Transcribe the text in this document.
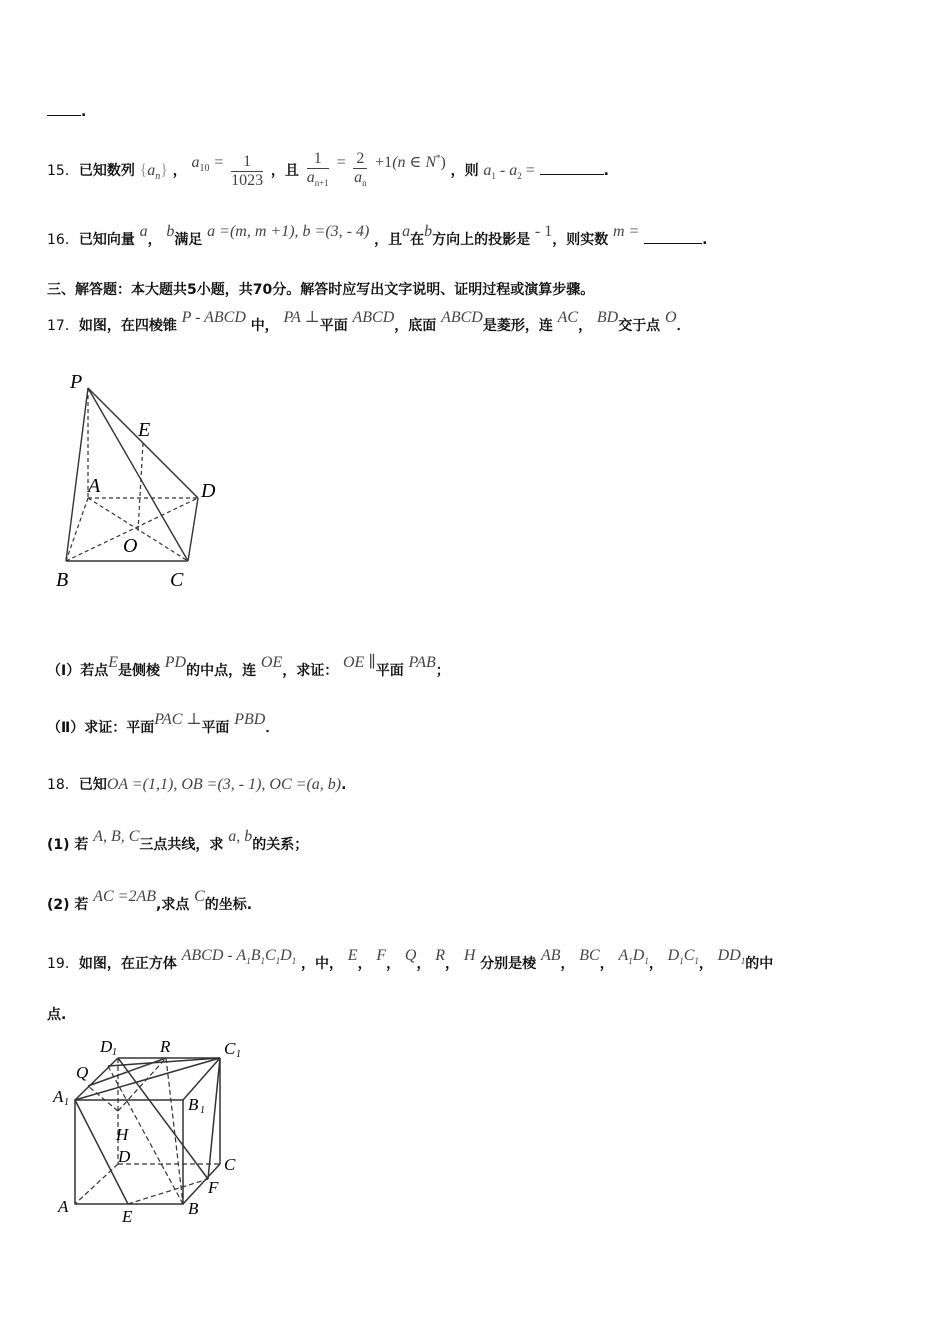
.
15．已知数列 $\{a_n\}$ ， $a_{10} = \frac{1}{1023}$ ，且 $\frac{1}{a_{n+1}} = \frac{2}{a_n} +1(n$ ∈ N*) ，则 $a_1 - a_2$ =	.
16．已知向量 a， b满足 a =(m, m +1), b =(3, - 4) ，且a在b方向上的投影是 - 1，则实数 m =	.
三、解答题：本大题共5小题，共70分。解答时应写出文字说明、证明过程或演算步骤。
17．如图，在四棱锥 P - ABCD 中， PA ⊥平面 ABCD，底面 ABCD是菱形，连 AC， BD交于点 O．
P
E
A	D
O
B	C
（Ⅰ）若点E是侧棱 PD的中点，连 OE，求证： OE ∥平面 PAB；
（Ⅱ）求证：平面PAC ⊥平面 PBD．
18．已知OA =(1,1), OB =(3, - 1), OC =(a, b).
(1) 若 A, B, C三点共线，求 a, b的关系；
(2) 若 AC =2AB,求点 C的坐标.
19．如图，在正方体 ABCD - $A_1B_1C_1D_1$ ，中， E， F， Q， R， H 分别是棱 AB， BC， $A_1D_1$， $D_1C_1$， $DD_1$的中
点.
D 1	R	C 1
Q
A 1	B 1
H
D	C
F
A
E	B
